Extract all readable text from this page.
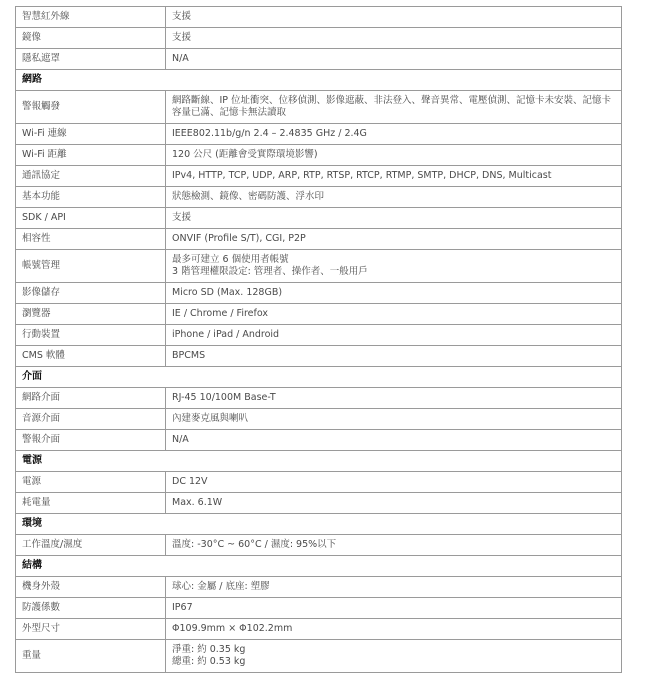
智慧紅外線	支援

鏡像	支援

隱私遮罩	N/A

網路	
警報觸發	網路斷線、IP 位址衝突、位移偵測、影像遮蔽、非法登入、聲音異常、電壓偵測、記憶卡未安裝、記憶卡容量已滿、記憶卡無法讀取

Wi-Fi 連線	IEEE802.11b/g/n 2.4 – 2.4835 GHz / 2.4G

Wi-Fi 距離	120 公尺 (距離會受實際環境影響)

通訊協定	IPv4, HTTP, TCP, UDP, ARP, RTP, RTSP, RTCP, RTMP, SMTP, DHCP, DNS, Multicast

基本功能	狀態檢測、鏡像、密碼防護、浮水印

SDK / API	支援

相容性	ONVIF (Profile S/T), CGI, P2P

帳號管理	最多可建立 6 個使用者帳號
3 階管理權限設定: 管理者、操作者、一般用戶

影像儲存	Micro SD (Max. 128GB)

瀏覽器	IE / Chrome / Firefox

行動裝置	iPhone / iPad / Android

CMS 軟體	BPCMS

介面	
網路介面	RJ-45 10/100M Base-T

音源介面	內建麥克風與喇叭

警報介面	N/A

電源	
電源	DC 12V

耗電量	Max. 6.1W

環境	
工作溫度/濕度	溫度: -30°C ~ 60°C / 濕度: 95%以下

結構	
機身外殼	球心: 金屬 / 底座: 塑膠

防護係數	IP67

外型尺寸	Φ109.9mm × Φ102.2mm

重量	淨重: 約 0.35 kg
總重: 約 0.53 kg
